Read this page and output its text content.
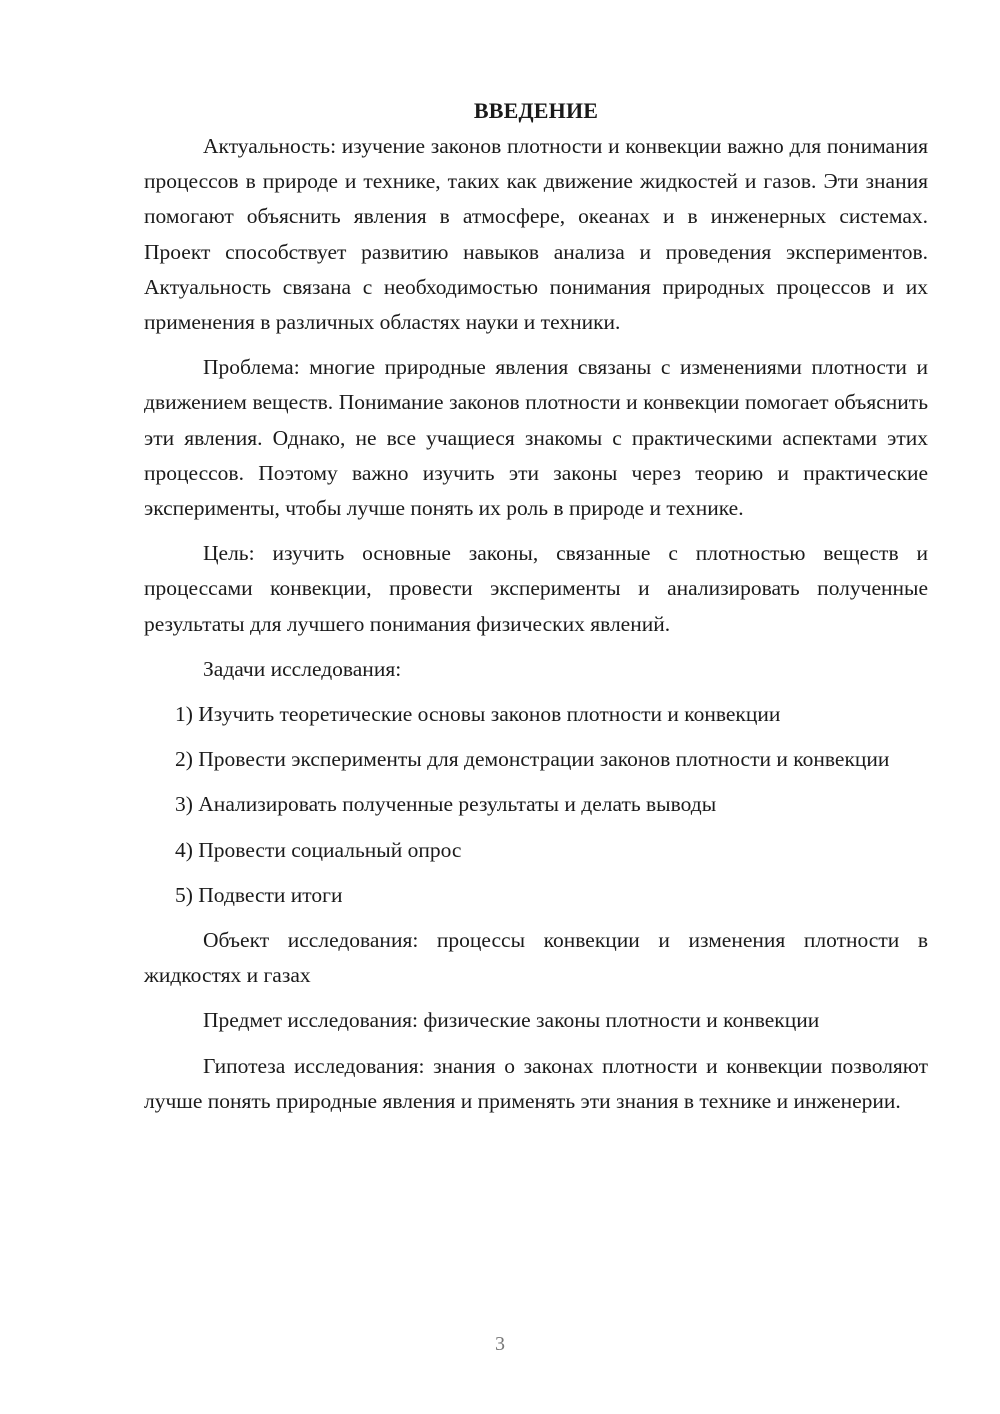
ВВЕДЕНИЕ

Актуальность: изучение законов плотности и конвекции важно для понимания процессов в природе и технике, таких как движение жидкостей и газов. Эти знания помогают объяснить явления в атмосфере, океанах и в инженерных системах. Проект способствует развитию навыков анализа и проведения экспериментов. Актуальность связана с необходимостью понимания природных процессов и их применения в различных областях науки и техники.

Проблема: многие природные явления связаны с изменениями плотности и движением веществ. Понимание законов плотности и конвекции помогает объяснить эти явления. Однако, не все учащиеся знакомы с практическими аспектами этих процессов. Поэтому важно изучить эти законы через теорию и практические эксперименты, чтобы лучше понять их роль в природе и технике.

Цель: изучить основные законы, связанные с плотностью веществ и процессами конвекции, провести эксперименты и анализировать полученные результаты для лучшего понимания физических явлений.

Задачи исследования:

1) Изучить теоретические основы законов плотности и конвекции

2) Провести эксперименты для демонстрации законов плотности и конвекции

3) Анализировать полученные результаты и делать выводы

4) Провести социальный опрос

5) Подвести итоги

Объект исследования: процессы конвекции и изменения плотности в жидкостях и газах

Предмет исследования: физические законы плотности и конвекции

Гипотеза исследования: знания о законах плотности и конвекции позволяют лучше понять природные явления и применять эти знания в технике и инженерии.

3
